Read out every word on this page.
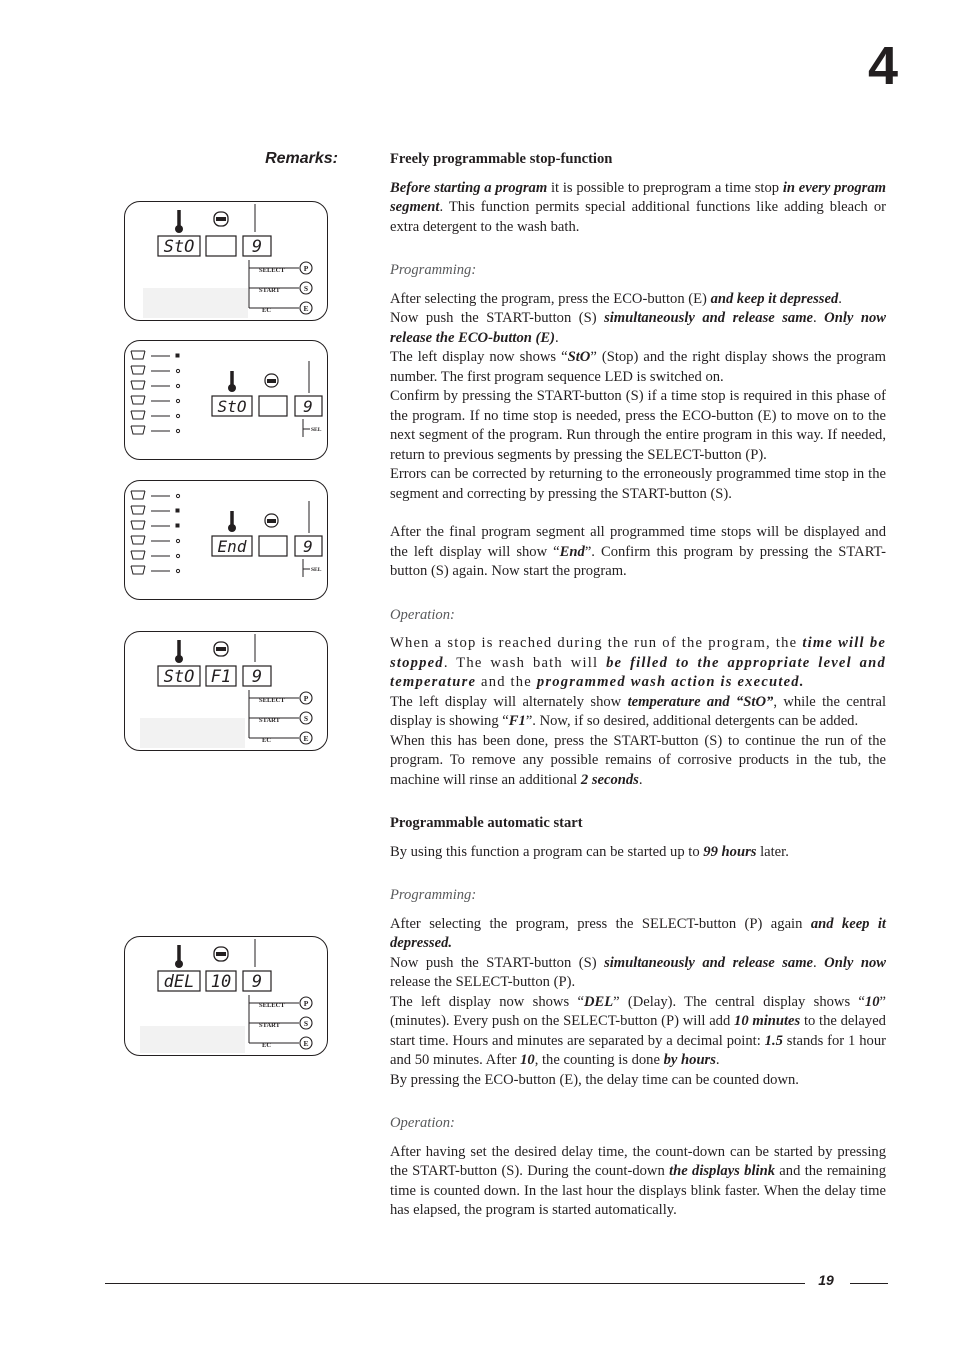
4
Remarks:
StO	9
SELECT
START
EC
P
S
E
StO	9
SEL
End	9
SEL
StO F1 9
SELECT
START
EC
P
S
E
dEL 10 9
SELECT
START
EC
P
S
E
Freely programmable stop-function

Before starting a program it is possible to preprogram a time stop in every program segment. This function permits special additional functions like adding bleach or extra detergent to the wash bath.

Programming:

After selecting the program, press the ECO-button (E) and keep it depressed.

Now push the START-button (S) simultaneously and release same. Only now release the ECO-button (E).

The left display now shows “StO” (Stop) and the right display shows the program number. The first program sequence LED is switched on.

Confirm by pressing the START-button (S) if a time stop is required in this phase of the program. If no time stop is needed, press the ECO-button (E) to move on to the next segment of the program. Run through the entire program in this way. If needed, return to previous segments by pressing the SELECT-button (P).

Errors can be corrected by returning to the erroneously programmed time stop in the segment and correcting by pressing the START-button (S).

After the final program segment all programmed time stops will be displayed and the left display will show “End”. Confirm this program by pressing the START-button (S) again. Now start the program.

Operation:

When a stop is reached during the run of the program, the time will be stopped. The wash bath will be filled to the appropriate level and temperature and the programmed wash action is executed.

The left display will alternately show temperature and “StO”, while the central display is showing “F1”. Now, if so desired, additional detergents can be added.

When this has been done, press the START-button (S) to continue the run of the program. To remove any possible remains of corrosive products in the tub, the machine will rinse an additional 2 seconds.

Programmable automatic start

By using this function a program can be started up to 99 hours later.

Programming:

After selecting the program, press the SELECT-button (P) again and keep it depressed.

Now push the START-button (S) simultaneously and release same. Only now release the SELECT-button (P).

The left display now shows “DEL” (Delay). The central display shows “10” (minutes). Every push on the SELECT-button (P) will add 10 minutes to the delayed start time. Hours and minutes are separated by a decimal point: 1.5 stands for 1 hour and 50 minutes. After 10, the counting is done by hours.

By pressing the ECO-button (E), the delay time can be counted down.

Operation:

After having set the desired delay time, the count-down can be started by pressing the START-button (S). During the count-down the displays blink and the remaining time is counted down. In the last hour the displays blink faster. When the delay time has elapsed, the program is started automatically.

19
